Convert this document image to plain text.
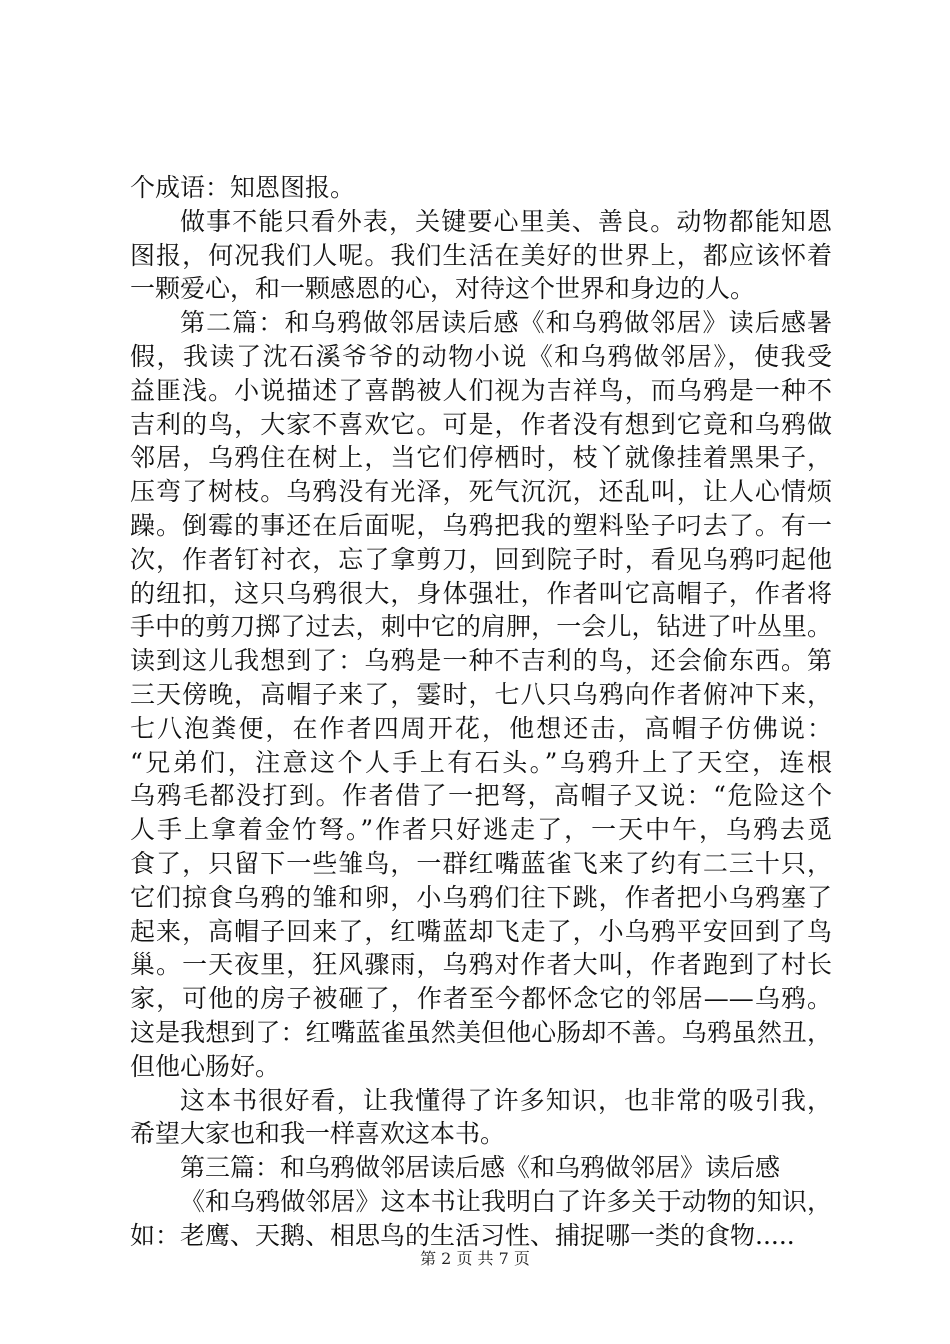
个成语：知恩图报。
做事不能只看外表，关键要心里美、善良。动物都能知恩
图报，何况我们人呢。我们生活在美好的世界上，都应该怀着
一颗爱心，和一颗感恩的心，对待这个世界和身边的人。
第二篇：和乌鸦做邻居读后感《和乌鸦做邻居》读后感暑
假，我读了沈石溪爷爷的动物小说《和乌鸦做邻居》，使我受
益匪浅。小说描述了喜鹊被人们视为吉祥鸟，而乌鸦是一种不
吉利的鸟，大家不喜欢它。可是，作者没有想到它竟和乌鸦做
邻居，乌鸦住在树上，当它们停栖时，枝丫就像挂着黑果子，
压弯了树枝。乌鸦没有光泽，死气沉沉，还乱叫，让人心情烦
躁。倒霉的事还在后面呢，乌鸦把我的塑料坠子叼去了。有一
次，作者钉衬衣，忘了拿剪刀，回到院子时，看见乌鸦叼起他
的纽扣，这只乌鸦很大，身体强壮，作者叫它高帽子，作者将
手中的剪刀掷了过去，刺中它的肩胛，一会儿，钻进了叶丛里。
读到这儿我想到了：乌鸦是一种不吉利的鸟，还会偷东西。第
三天傍晚，高帽子来了，霎时，七八只乌鸦向作者俯冲下来，
七八泡粪便，在作者四周开花，他想还击，高帽子仿佛说：
“兄弟们，注意这个人手上有石头。”乌鸦升上了天空，连根
乌鸦毛都没打到。作者借了一把弩，高帽子又说：“危险这个
人手上拿着金竹弩。”作者只好逃走了，一天中午，乌鸦去觅
食了，只留下一些雏鸟，一群红嘴蓝雀飞来了约有二三十只，
它们掠食乌鸦的雏和卵，小乌鸦们往下跳，作者把小乌鸦塞了
起来，高帽子回来了，红嘴蓝却飞走了，小乌鸦平安回到了鸟
巢。一天夜里，狂风骤雨，乌鸦对作者大叫，作者跑到了村长
家，可他的房子被砸了，作者至今都怀念它的邻居——乌鸦。
这是我想到了：红嘴蓝雀虽然美但他心肠却不善。乌鸦虽然丑，
但他心肠好。
这本书很好看，让我懂得了许多知识，也非常的吸引我，
希望大家也和我一样喜欢这本书。
第三篇：和乌鸦做邻居读后感《和乌鸦做邻居》读后感
《和乌鸦做邻居》这本书让我明白了许多关于动物的知识，
如：老鹰、天鹅、相思鸟的生活习性、捕捉哪一类的食物.....
第 2 页 共 7 页
